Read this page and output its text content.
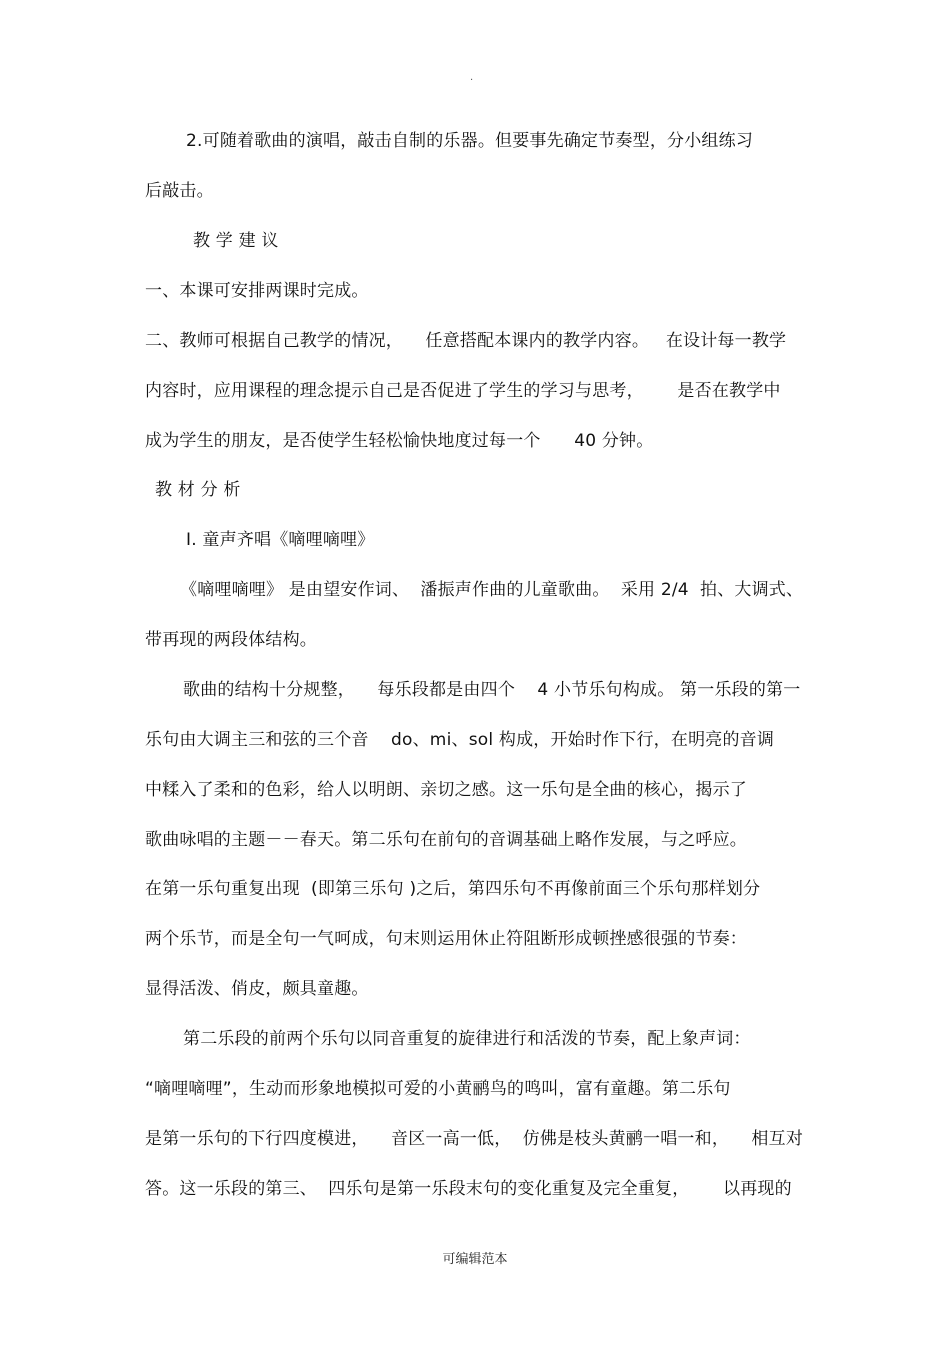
.
2.可随着歌曲的演唱，敲击自制的乐器。但要事先确定节奏型，分小组练习
后敲击。
教 学 建 议
一、本课可安排两课时完成。
二、教师可根据自己教学的情况，    任意搭配本课内的教学内容。   在设计每一教学
内容时，应用课程的理念提示自己是否促进了学生的学习与思考，      是否在教学中
成为学生的朋友，是否使学生轻松愉快地度过每一个      40 分钟。
教 材 分 析
Ⅰ. 童声齐唱《嘀哩嘀哩》
《嘀哩嘀哩》 是由望安作词、  潘振声作曲的儿童歌曲。  采用 2/4  拍、大调式、
带再现的两段体结构。
歌曲的结构十分规整，    每乐段都是由四个    4 小节乐句构成。 第一乐段的第一
乐句由大调主三和弦的三个音    do、mi、sol 构成，开始时作下行，在明亮的音调
中糅入了柔和的色彩，给人以明朗、亲切之感。这一乐句是全曲的核心，揭示了
歌曲咏唱的主题－－春天。第二乐句在前句的音调基础上略作发展，与之呼应。
在第一乐句重复出现  (即第三乐句 )之后，第四乐句不再像前面三个乐句那样划分
两个乐节，而是全句一气呵成，句末则运用休止符阻断形成顿挫感很强的节奏：
显得活泼、俏皮，颇具童趣。
第二乐段的前两个乐句以同音重复的旋律进行和活泼的节奏，配上象声词：
“嘀哩嘀哩”，生动而形象地模拟可爱的小黄鹂鸟的鸣叫，富有童趣。第二乐句
是第一乐句的下行四度模进，    音区一高一低，  仿佛是枝头黄鹂一唱一和，    相互对
答。这一乐段的第三、  四乐句是第一乐段末句的变化重复及完全重复，      以再现的
可编辑范本
